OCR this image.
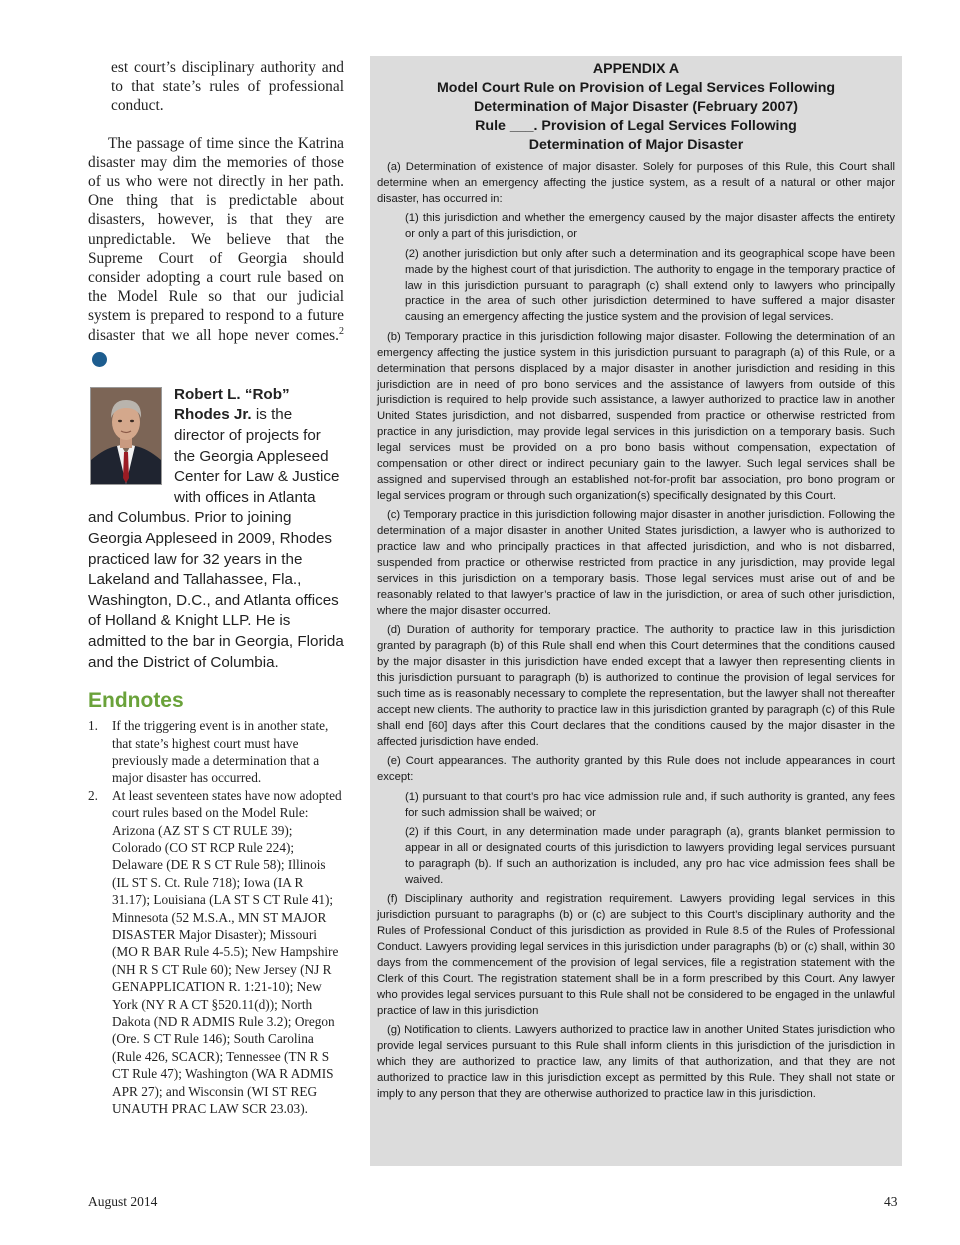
est court’s disciplinary authority and to that state’s rules of professional conduct.

The passage of time since the Katrina disaster may dim the memories of those of us who were not directly in her path. One thing that is predictable about disasters, however, is that they are unpredictable. We believe that the Supreme Court of Georgia should consider adopting a court rule based on the Model Rule so that our judicial system is prepared to respond to a future disaster that we all hope never comes.$^2$GBJ

Robert L. “Rob” Rhodes Jr. is the director of projects for the Georgia Appleseed Center for Law & Justice with offices in Atlanta and Columbus. Prior to joining Georgia Appleseed in 2009, Rhodes practiced law for 32 years in the Lakeland and Tallahassee, Fla., Washington, D.C., and Atlanta offices of Holland & Knight LLP. He is admitted to the bar in Georgia, Florida and the District of Columbia.
Endnotes
1.	If the triggering event is in another state, that state’s highest court must have previously made a determination that a major disaster has occurred.
2.	At least seventeen states have now adopted court rules based on the Model Rule: Arizona (AZ ST S CT RULE 39); Colorado (CO ST RCP Rule 224); Delaware (DE R S CT Rule 58); Illinois (IL ST S. Ct. Rule 718); Iowa (IA R 31.17); Louisiana (LA ST S CT Rule 41); Minnesota (52 M.S.A., MN ST MAJOR DISASTER Major Disaster); Missouri (MO R BAR Rule 4-5.5); New Hampshire (NH R S CT Rule 60); New Jersey (NJ R GENAPPLICATION R. 1:21-10); New York (NY R A CT §520.11(d)); North Dakota (ND R ADMIS Rule 3.2); Oregon (Ore. S CT Rule 146); South Carolina (Rule 426, SCACR); Tennessee (TN R S CT Rule 47); Washington (WA R ADMIS APR 27); and Wisconsin (WI ST REG UNAUTH PRAC LAW SCR 23.03).

APPENDIX A

Model Court Rule on Provision of Legal Services Following

Determination of Major Disaster (February 2007)

Rule ___. Provision of Legal Services Following

Determination of Major Disaster

(a) Determination of existence of major disaster. Solely for purposes of this Rule, this Court shall determine when an emergency affecting the justice system, as a result of a natural or other major disaster, has occurred in:

(1) this jurisdiction and whether the emergency caused by the major disaster affects the entirety or only a part of this jurisdiction, or

(2) another jurisdiction but only after such a determination and its geographical scope have been made by the highest court of that jurisdiction. The authority to engage in the temporary practice of law in this jurisdiction pursuant to paragraph (c) shall extend only to lawyers who principally practice in the area of such other jurisdiction determined to have suffered a major disaster causing an emergency affecting the justice system and the provision of legal services.

(b) Temporary practice in this jurisdiction following major disaster. Following the determination of an emergency affecting the justice system in this jurisdiction pursuant to paragraph (a) of this Rule, or a determination that persons displaced by a major disaster in another jurisdiction and residing in this jurisdiction are in need of pro bono services and the assistance of lawyers from outside of this jurisdiction is required to help provide such assistance, a lawyer authorized to practice law in another United States jurisdiction, and not disbarred, suspended from practice or otherwise restricted from practice in any jurisdiction, may provide legal services in this jurisdiction on a temporary basis. Such legal services must be provided on a pro bono basis without compensation, expectation of compensation or other direct or indirect pecuniary gain to the lawyer. Such legal services shall be assigned and supervised through an established not-for-profit bar association, pro bono program or legal services program or through such organization(s) specifically designated by this Court.

(c) Temporary practice in this jurisdiction following major disaster in another jurisdiction. Following the determination of a major disaster in another United States jurisdiction, a lawyer who is authorized to practice law and who principally practices in that affected jurisdiction, and who is not disbarred, suspended from practice or otherwise restricted from practice in any jurisdiction, may provide legal services in this jurisdiction on a temporary basis. Those legal services must arise out of and be reasonably related to that lawyer’s practice of law in the jurisdiction, or area of such other jurisdiction, where the major disaster occurred.

(d) Duration of authority for temporary practice. The authority to practice law in this jurisdiction granted by paragraph (b) of this Rule shall end when this Court determines that the conditions caused by the major disaster in this jurisdiction have ended except that a lawyer then representing clients in this jurisdiction pursuant to paragraph (b) is authorized to continue the provision of legal services for such time as is reasonably necessary to complete the representation, but the lawyer shall not thereafter accept new clients. The authority to practice law in this jurisdiction granted by paragraph (c) of this Rule shall end [60] days after this Court declares that the conditions caused by the major disaster in the affected jurisdiction have ended.

(e) Court appearances. The authority granted by this Rule does not include appearances in court except:

(1) pursuant to that court’s pro hac vice admission rule and, if such authority is granted, any fees for such admission shall be waived; or

(2) if this Court, in any determination made under paragraph (a), grants blanket permission to appear in all or designated courts of this jurisdiction to lawyers providing legal services pursuant to paragraph (b). If such an authorization is included, any pro hac vice admission fees shall be waived.

(f) Disciplinary authority and registration requirement. Lawyers providing legal services in this jurisdiction pursuant to paragraphs (b) or (c) are subject to this Court’s disciplinary authority and the Rules of Professional Conduct of this jurisdiction as provided in Rule 8.5 of the Rules of Professional Conduct. Lawyers providing legal services in this jurisdiction under paragraphs (b) or (c) shall, within 30 days from the commencement of the provision of legal services, file a registration statement with the Clerk of this Court. The registration statement shall be in a form prescribed by this Court. Any lawyer who provides legal services pursuant to this Rule shall not be considered to be engaged in the unlawful practice of law in this jurisdiction

(g) Notification to clients. Lawyers authorized to practice law in another United States jurisdiction who provide legal services pursuant to this Rule shall inform clients in this jurisdiction of the jurisdiction in which they are authorized to practice law, any limits of that authorization, and that they are not authorized to practice law in this jurisdiction except as permitted by this Rule. They shall not state or imply to any person that they are otherwise authorized to practice law in this jurisdiction.

August 2014	43
